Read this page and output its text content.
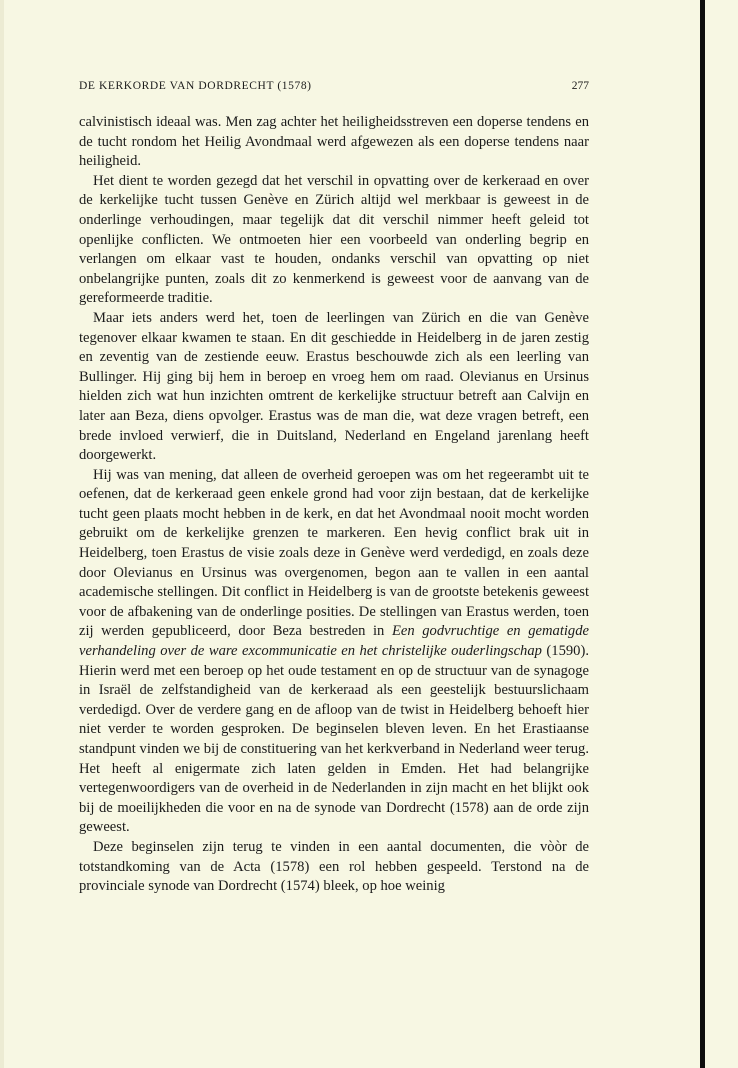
DE KERKORDE VAN DORDRECHT (1578)	277

calvinistisch ideaal was. Men zag achter het heiligheidsstreven een doperse tendens en de tucht rondom het Heilig Avondmaal werd afgewezen als een doperse tendens naar heiligheid.

Het dient te worden gezegd dat het verschil in opvatting over de kerkeraad en over de kerkelijke tucht tussen Genève en Zürich altijd wel merkbaar is geweest in de onderlinge verhoudingen, maar tegelijk dat dit verschil nimmer heeft geleid tot openlijke conflicten. We ontmoeten hier een voorbeeld van onderling begrip en verlangen om elkaar vast te houden, ondanks verschil van opvatting op niet onbelangrijke punten, zoals dit zo kenmerkend is geweest voor de aanvang van de gereformeerde traditie.

Maar iets anders werd het, toen de leerlingen van Zürich en die van Genève tegenover elkaar kwamen te staan. En dit geschiedde in Heidelberg in de jaren zestig en zeventig van de zestiende eeuw. Erastus beschouwde zich als een leerling van Bullinger. Hij ging bij hem in beroep en vroeg hem om raad. Olevianus en Ursinus hielden zich wat hun inzichten omtrent de kerkelijke structuur betreft aan Calvijn en later aan Beza, diens opvolger. Erastus was de man die, wat deze vragen betreft, een brede invloed verwierf, die in Duitsland, Nederland en Engeland jarenlang heeft doorgewerkt.

Hij was van mening, dat alleen de overheid geroepen was om het regeerambt uit te oefenen, dat de kerkeraad geen enkele grond had voor zijn bestaan, dat de kerkelijke tucht geen plaats mocht hebben in de kerk, en dat het Avondmaal nooit mocht worden gebruikt om de kerkelijke grenzen te markeren. Een hevig conflict brak uit in Heidelberg, toen Erastus de visie zoals deze in Genève werd verdedigd, en zoals deze door Olevianus en Ursinus was overgenomen, begon aan te vallen in een aantal academische stellingen. Dit conflict in Heidelberg is van de grootste betekenis geweest voor de afbakening van de onderlinge posities. De stellingen van Erastus werden, toen zij werden gepubliceerd, door Beza bestreden in Een godvruchtige en gematigde verhandeling over de ware excommunicatie en het christelijke ouderlingschap (1590). Hierin werd met een beroep op het oude testament en op de structuur van de synagoge in Israël de zelfstandigheid van de kerkeraad als een geestelijk bestuurslichaam verdedigd. Over de verdere gang en de afloop van de twist in Heidelberg behoeft hier niet verder te worden gesproken. De beginselen bleven leven. En het Erastiaanse standpunt vinden we bij de constituering van het kerkverband in Nederland weer terug. Het heeft al enigermate zich laten gelden in Emden. Het had belangrijke vertegenwoordigers van de overheid in de Nederlanden in zijn macht en het blijkt ook bij de moeilijkheden die voor en na de synode van Dordrecht (1578) aan de orde zijn geweest.

Deze beginselen zijn terug te vinden in een aantal documenten, die vòòr de totstandkoming van de Acta (1578) een rol hebben gespeeld. Terstond na de provinciale synode van Dordrecht (1574) bleek, op hoe weinig
